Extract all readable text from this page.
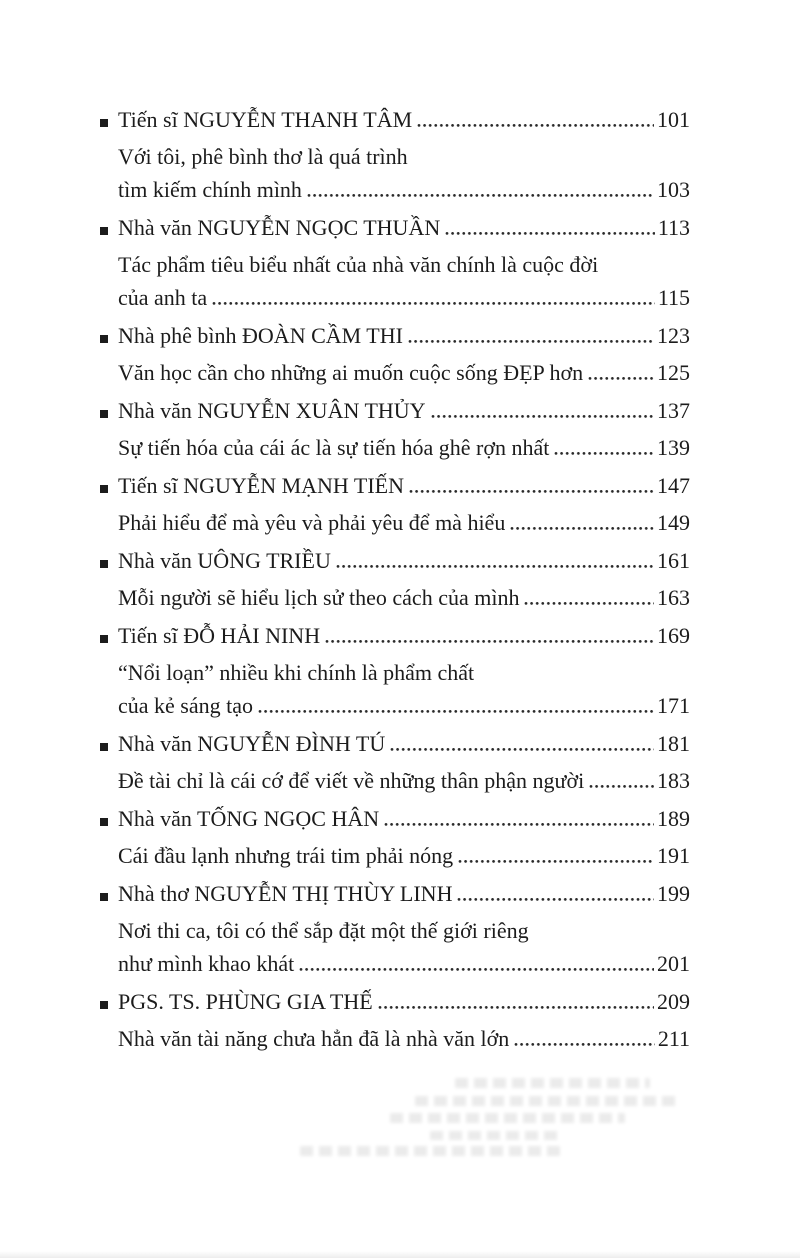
Tiến sĩ NGUYỄN THANH TÂM	101
Với tôi, phê bình thơ là quá trình
tìm kiếm chính mình	103
Nhà văn NGUYỄN NGỌC THUẦN	113
Tác phẩm tiêu biểu nhất của nhà văn chính là cuộc đời
của anh ta	115
Nhà phê bình ĐOÀN CẦM THI	123
Văn học cần cho những ai muốn cuộc sống ĐẸP hơn	125
Nhà văn NGUYỄN XUÂN THỦY	137
Sự tiến hóa của cái ác là sự tiến hóa ghê rợn nhất	139
Tiến sĩ NGUYỄN MẠNH TIẾN	147
Phải hiểu để mà yêu và phải yêu để mà hiểu	149
Nhà văn UÔNG TRIỀU	161
Mỗi người sẽ hiểu lịch sử theo cách của mình	163
Tiến sĩ ĐỖ HẢI NINH	169
“Nổi loạn” nhiều khi chính là phẩm chất
của kẻ sáng tạo	171
Nhà văn NGUYỄN ĐÌNH TÚ	181
Đề tài chỉ là cái cớ để viết về những thân phận người	183
Nhà văn TỐNG NGỌC HÂN	189
Cái đầu lạnh nhưng trái tim phải nóng	191
Nhà thơ NGUYỄN THỊ THÙY LINH	199
Nơi thi ca, tôi có thể sắp đặt một thế giới riêng
như mình khao khát	201
PGS. TS. PHÙNG GIA THẾ	209
Nhà văn tài năng chưa hẳn đã là nhà văn lớn	211
